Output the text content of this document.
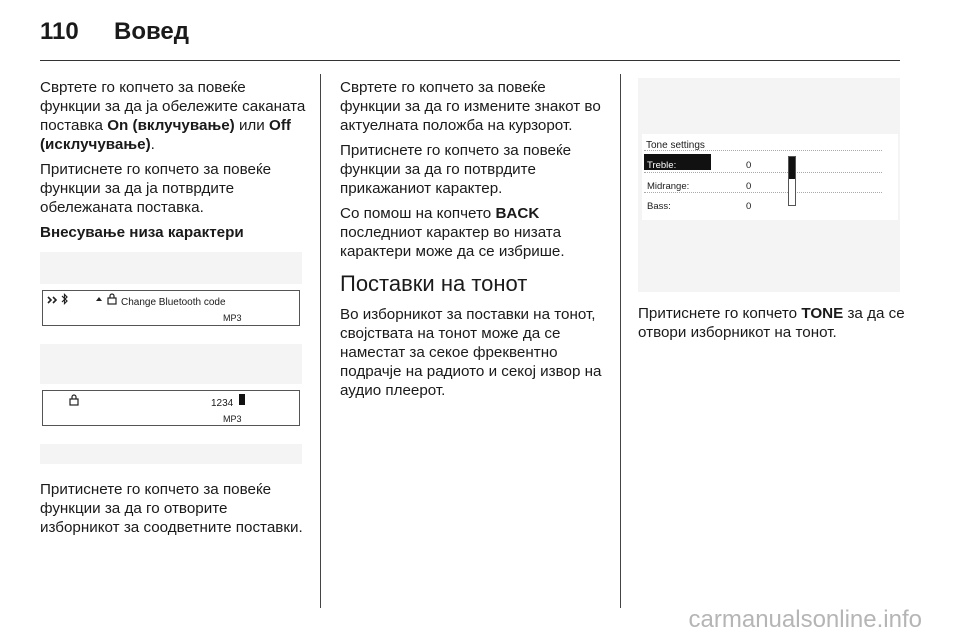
110 Вовед

Свртете го копчето за повеќе функции за да ја обележите саканата поставка On (вклучување) или Off (исклучување).

Притиснете го копчето за повеќе функции за да ја потврдите обележаната поставка.

Внесување низа карактери

Change Bluetooth code
MP3
1234
MP3

Притиснете го копчето за повеќе функции за да го отворите изборникот за соодветните поставки.

Свртете го копчето за повеќе функции за да го измените знакот во актуелната положба на курзорот.

Притиснете го копчето за повеќе функции за да го потврдите прикажаниот карактер.

Со помош на копчето BACK последниот карактер во низата карактери може да се избрише.

Поставки на тонот

Во изборникот за поставки на тонот, својствата на тонот може да се наместат за секое фреквентно подрачје на радиото и секој извор на аудио плеерот.

Tone settings
Treble:	0
Midrange:	0
Bass:	0

Притиснете го копчето TONE за да се отвори изборникот на тонот.

carmanualsonline.info
